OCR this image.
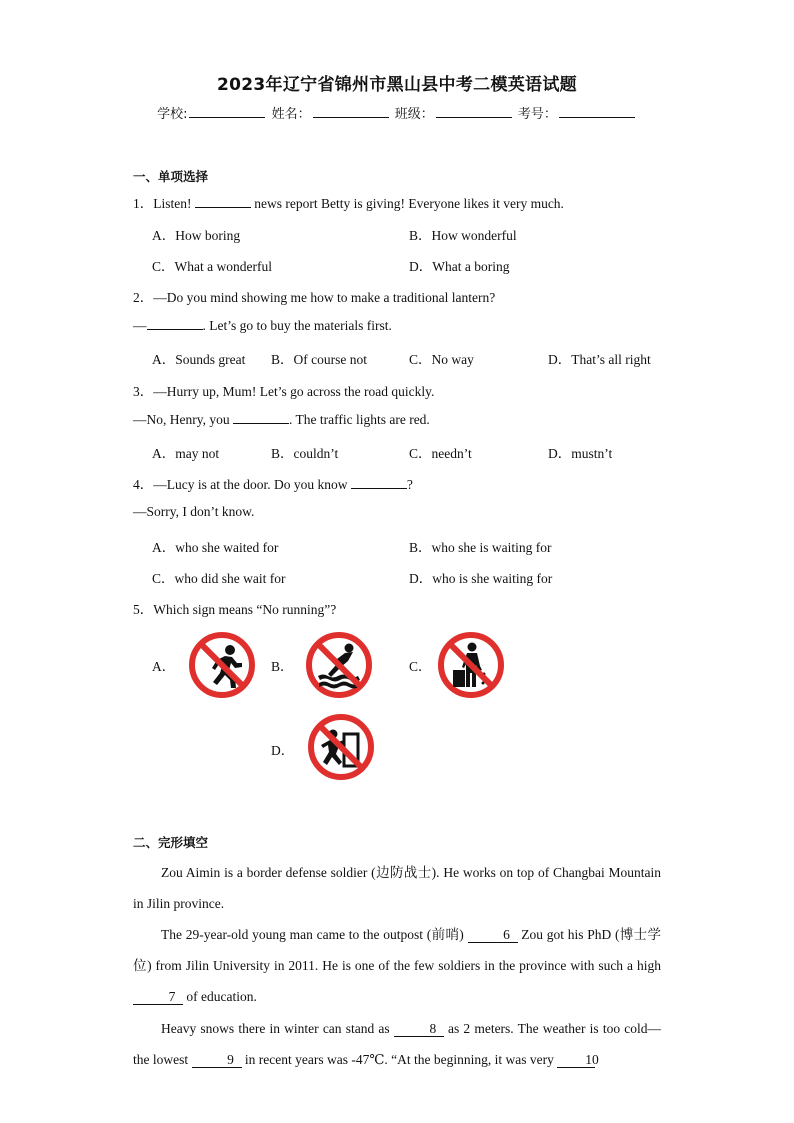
2023年辽宁省锦州市黑山县中考二模英语试题
学校:	姓名：	班级：	考号：
一、单项选择
1．Listen!	news report Betty is giving! Everyone likes it very much.
A．How boring	B．How wonderful
C．What a wonderful	D．What a boring
2．—Do you mind showing me how to make a traditional lantern?
—	. Let’s go to buy the materials first.
A．Sounds great B．Of course not	C．No way	D．That’s all right
3．—Hurry up, Mum! Let’s go across the road quickly.
—No, Henry, you	. The traffic lights are red.
A．may not	B．couldn’t	C．needn’t	D．mustn’t
4．—Lucy is at the door. Do you know	?
—Sorry, I don’t know.
A．who she waited for	B．who she is waiting for
C．who did she wait for	D．who is she waiting for
5．Which sign means “No running”?
A．	B．	C．
D．
二、完形填空
Zou Aimin is a border defense soldier (边防战士). He works on top of Changbai Mountain in Jilin province.
The 29-year-old young man came to the outpost (前哨)	6 Zou got his PhD (博士学位) from Jilin University in 2011. He is one of the few soldiers in the province with such a high 7 of education.
Heavy snows there in winter can stand as	8 as 2 meters. The weather is too cold—the lowest	9 in recent years was -47℃. “At the beginning, it was very 10
